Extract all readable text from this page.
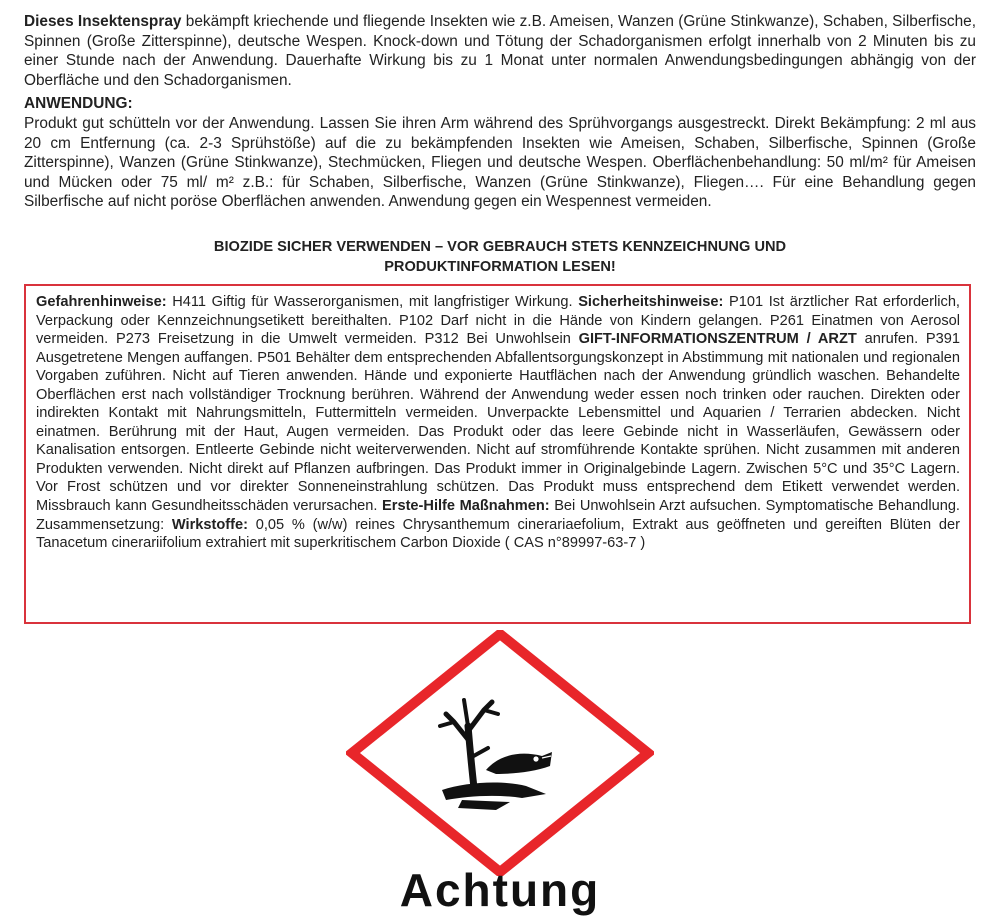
Dieses Insektenspray bekämpft kriechende und fliegende Insekten wie z.B. Ameisen, Wanzen (Grüne Stinkwanze), Schaben, Silberfische, Spinnen (Große Zitterspinne), deutsche Wespen. Knock-down und Tötung der Schadorganismen erfolgt innerhalb von 2 Minuten bis zu einer Stunde nach der Anwendung. Dauerhafte Wirkung bis zu 1 Monat unter normalen Anwendungsbedingungen abhängig von der Oberfläche und den Schadorganismen.

ANWENDUNG:

Produkt gut schütteln vor der Anwendung. Lassen Sie ihren Arm während des Sprühvorgangs ausgestreckt. Direkt Bekämpfung: 2 ml aus 20 cm Entfernung (ca. 2-3 Sprühstöße) auf die zu bekämpfenden Insekten wie Ameisen, Schaben, Silberfische, Spinnen (Große Zitterspinne), Wanzen (Grüne Stinkwanze), Stechmücken, Fliegen und deutsche Wespen. Oberflächenbehandlung: 50 ml/m² für Ameisen und Mücken oder 75 ml/ m² z.B.: für Schaben, Silberfische, Wanzen (Grüne Stinkwanze), Fliegen…. Für eine Behandlung gegen Silberfische auf nicht poröse Oberflächen anwenden. Anwendung gegen ein Wespennest vermeiden.

BIOZIDE SICHER VERWENDEN – VOR GEBRAUCH STETS KENNZEICHNUNG UND
PRODUKTINFORMATION LESEN!

Gefahrenhinweise: H411 Giftig für Wasserorganismen, mit langfristiger Wirkung. Sicherheitshinweise: P101 Ist ärztlicher Rat erforderlich, Verpackung oder Kennzeichnungsetikett bereithalten. P102 Darf nicht in die Hände von Kindern gelangen. P261 Einatmen von Aerosol vermeiden. P273 Freisetzung in die Umwelt vermeiden. P312 Bei Unwohlsein GIFT-INFORMATIONSZENTRUM / ARZT anrufen. P391 Ausgetretene Mengen auffangen. P501 Behälter dem entsprechenden Abfallentsorgungskonzept in Abstimmung mit nationalen und regionalen Vorgaben zuführen. Nicht auf Tieren anwenden. Hände und exponierte Hautflächen nach der Anwendung gründlich waschen. Behandelte Oberflächen erst nach vollständiger Trocknung berühren. Während der Anwendung weder essen noch trinken oder rauchen. Direkten oder indirekten Kontakt mit Nahrungsmitteln, Futtermitteln vermeiden. Unverpackte Lebensmittel und Aquarien / Terrarien abdecken. Nicht einatmen. Berührung mit der Haut, Augen vermeiden. Das Produkt oder das leere Gebinde nicht in Wasserläufen, Gewässern oder Kanalisation entsorgen. Entleerte Gebinde nicht weiterverwenden. Nicht auf stromführende Kontakte sprühen. Nicht zusammen mit anderen Produkten verwenden. Nicht direkt auf Pflanzen aufbringen. Das Produkt immer in Originalgebinde Lagern. Zwischen 5°C und 35°C Lagern. Vor Frost schützen und vor direkter Sonneneinstrahlung schützen. Das Produkt muss entsprechend dem Etikett verwendet werden. Missbrauch kann Gesundheitsschäden verursachen. Erste-Hilfe Maßnahmen: Bei Unwohlsein Arzt aufsuchen. Symptomatische Behandlung. Zusammensetzung: Wirkstoffe: 0,05 % (w/w) reines Chrysanthemum cinerariaefolium, Extrakt aus geöffneten und gereiften Blüten der Tanacetum cinerariifolium extrahiert mit superkritischem Carbon Dioxide ( CAS n°89997-63-7 )

Achtung
